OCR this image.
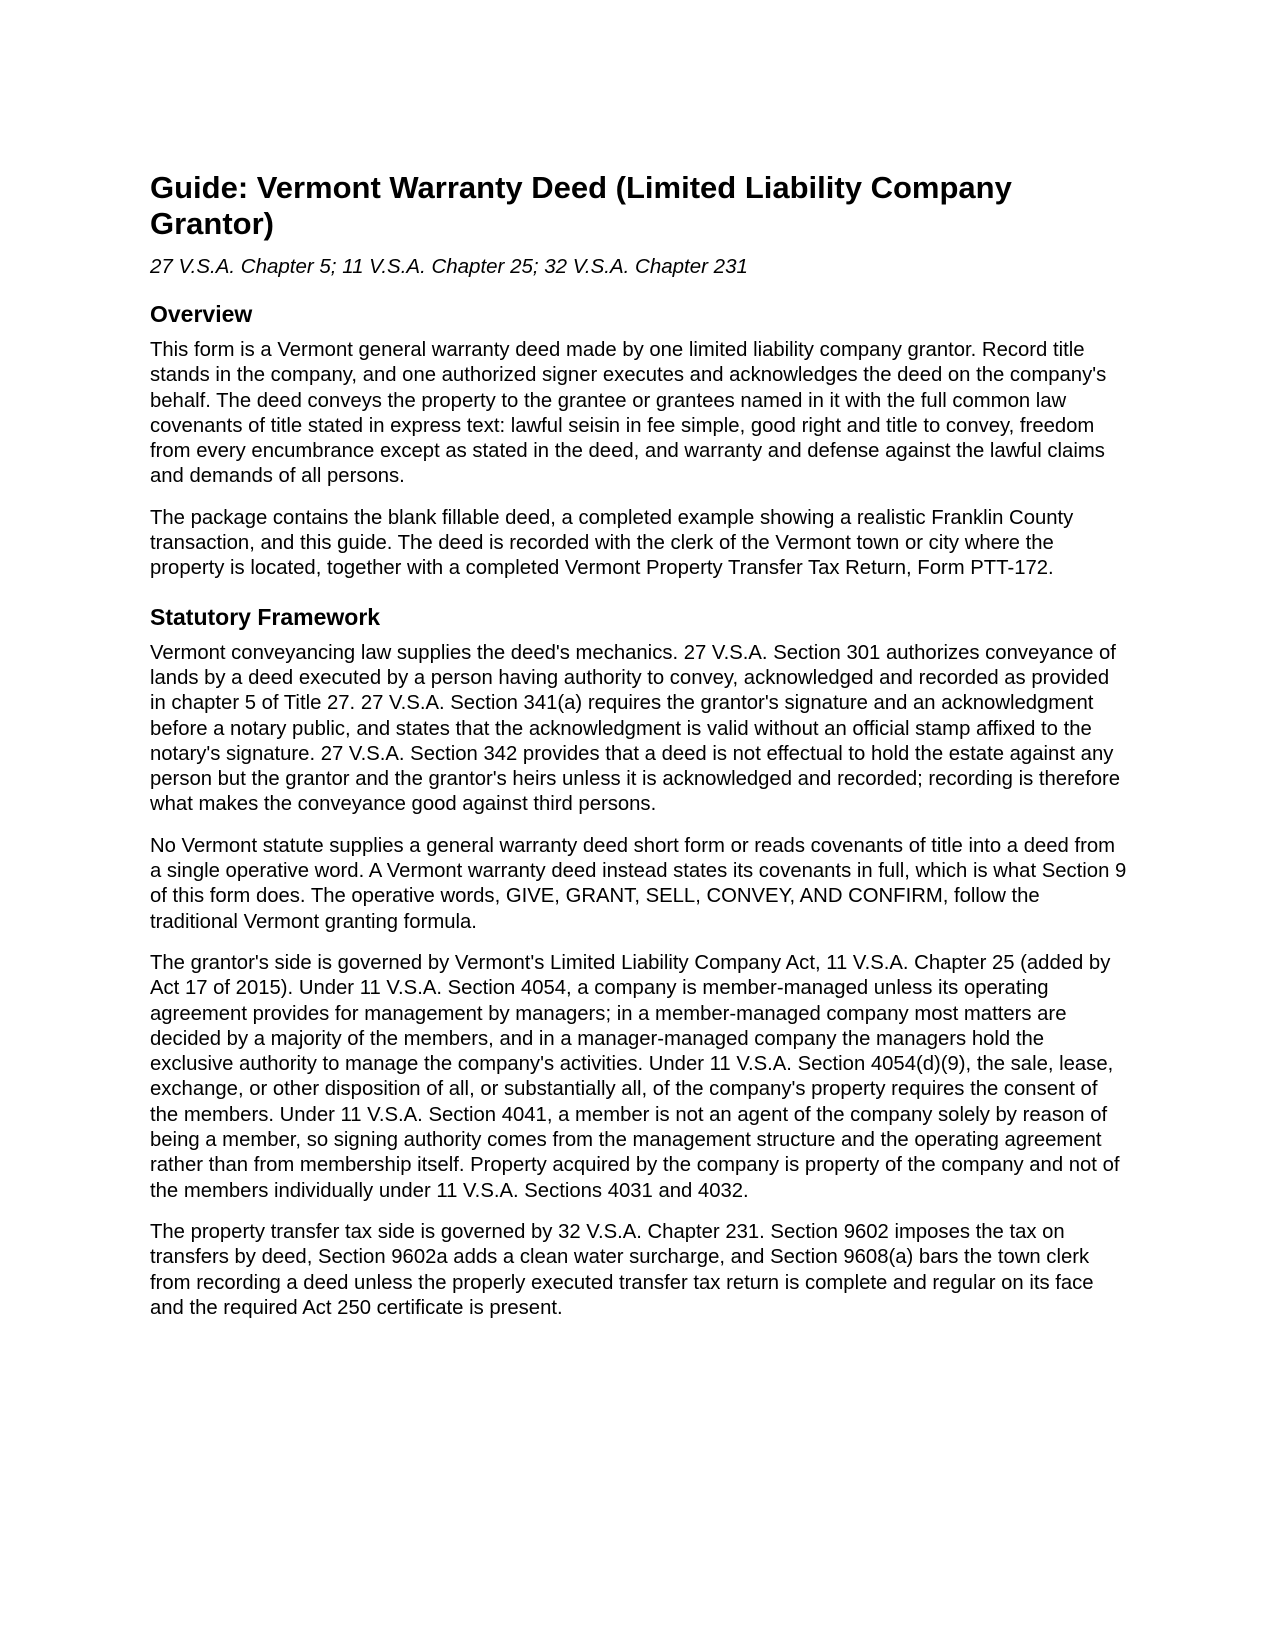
Guide: Vermont Warranty Deed (Limited Liability Company Grantor)

27 V.S.A. Chapter 5; 11 V.S.A. Chapter 25; 32 V.S.A. Chapter 231

Overview

This form is a Vermont general warranty deed made by one limited liability company grantor. Record title stands in the company, and one authorized signer executes and acknowledges the deed on the company's behalf. The deed conveys the property to the grantee or grantees named in it with the full common law covenants of title stated in express text: lawful seisin in fee simple, good right and title to convey, freedom from every encumbrance except as stated in the deed, and warranty and defense against the lawful claims and demands of all persons.

The package contains the blank fillable deed, a completed example showing a realistic Franklin County transaction, and this guide. The deed is recorded with the clerk of the Vermont town or city where the property is located, together with a completed Vermont Property Transfer Tax Return, Form PTT-172.

Statutory Framework

Vermont conveyancing law supplies the deed's mechanics. 27 V.S.A. Section 301 authorizes conveyance of lands by a deed executed by a person having authority to convey, acknowledged and recorded as provided in chapter 5 of Title 27. 27 V.S.A. Section 341(a) requires the grantor's signature and an acknowledgment before a notary public, and states that the acknowledgment is valid without an official stamp affixed to the notary's signature. 27 V.S.A. Section 342 provides that a deed is not effectual to hold the estate against any person but the grantor and the grantor's heirs unless it is acknowledged and recorded; recording is therefore what makes the conveyance good against third persons.

No Vermont statute supplies a general warranty deed short form or reads covenants of title into a deed from a single operative word. A Vermont warranty deed instead states its covenants in full, which is what Section 9 of this form does. The operative words, GIVE, GRANT, SELL, CONVEY, AND CONFIRM, follow the traditional Vermont granting formula.

The grantor's side is governed by Vermont's Limited Liability Company Act, 11 V.S.A. Chapter 25 (added by Act 17 of 2015). Under 11 V.S.A. Section 4054, a company is member-managed unless its operating agreement provides for management by managers; in a member-managed company most matters are decided by a majority of the members, and in a manager-managed company the managers hold the exclusive authority to manage the company's activities. Under 11 V.S.A. Section 4054(d)(9), the sale, lease, exchange, or other disposition of all, or substantially all, of the company's property requires the consent of the members. Under 11 V.S.A. Section 4041, a member is not an agent of the company solely by reason of being a member, so signing authority comes from the management structure and the operating agreement rather than from membership itself. Property acquired by the company is property of the company and not of the members individually under 11 V.S.A. Sections 4031 and 4032.

The property transfer tax side is governed by 32 V.S.A. Chapter 231. Section 9602 imposes the tax on transfers by deed, Section 9602a adds a clean water surcharge, and Section 9608(a) bars the town clerk from recording a deed unless the properly executed transfer tax return is complete and regular on its face and the required Act 250 certificate is present.
